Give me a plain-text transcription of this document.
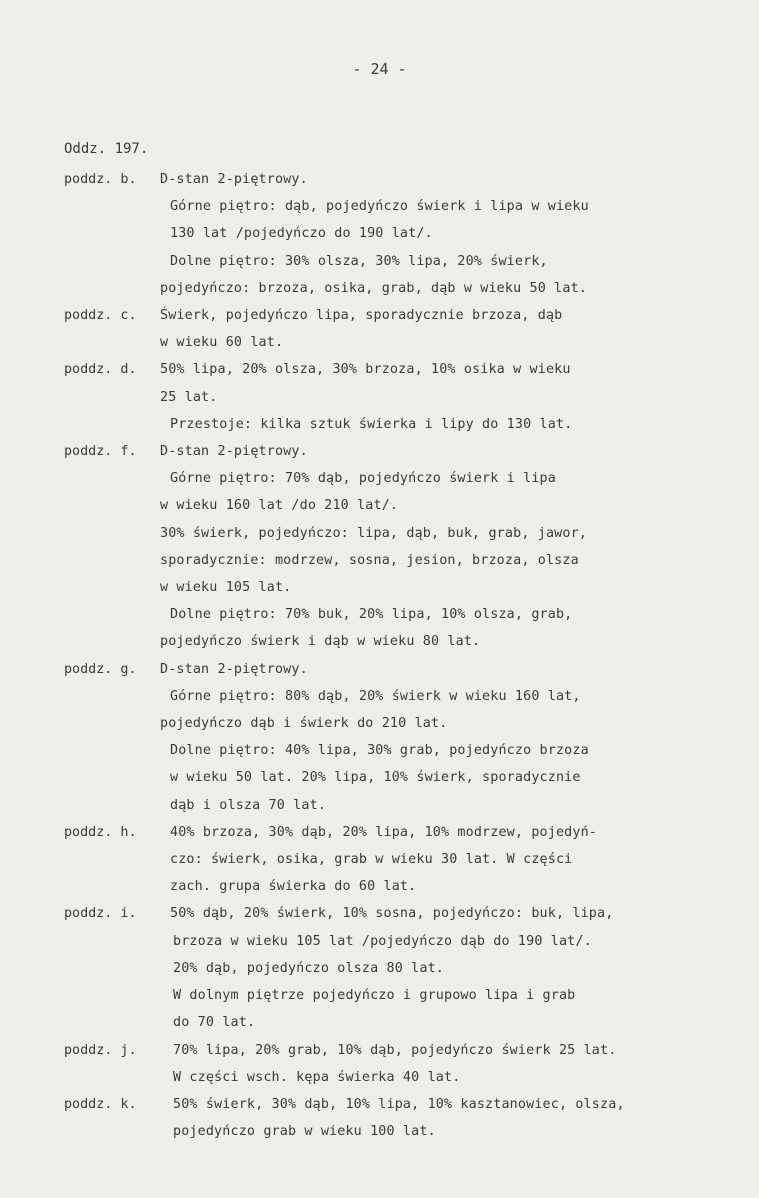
- 24 -
Oddz. 197.
poddz. b.	D-stan 2-piętrowy.
Górne piętro: dąb, pojedyńczo świerk i lipa w wieku
130 lat /pojedyńczo do 190 lat/.
Dolne piętro: 30% olsza, 30% lipa, 20% świerk,
pojedyńczo: brzoza, osika, grab, dąb w wieku 50 lat.
poddz. c.	Świerk, pojedyńczo lipa, sporadycznie brzoza, dąb
w wieku 60 lat.
poddz. d.	50% lipa, 20% olsza, 30% brzoza, 10% osika w wieku
25 lat.
Przestoje: kilka sztuk świerka i lipy do 130 lat.
poddz. f.	D-stan 2-piętrowy.
Górne piętro: 70% dąb, pojedyńczo świerk i lipa
w wieku 160 lat /do 210 lat/.
30% świerk, pojedyńczo: lipa, dąb, buk, grab, jawor,
sporadycznie: modrzew, sosna, jesion, brzoza, olsza
w wieku 105 lat.
Dolne piętro: 70% buk, 20% lipa, 10% olsza, grab,
pojedyńczo świerk i dąb w wieku 80 lat.
poddz. g.	D-stan 2-piętrowy.
Górne piętro: 80% dąb, 20% świerk w wieku 160 lat,
pojedyńczo dąb i świerk do 210 lat.
Dolne piętro: 40% lipa, 30% grab, pojedyńczo brzoza
w wieku 50 lat. 20% lipa, 10% świerk, sporadycznie
dąb i olsza 70 lat.
poddz. h.	40% brzoza, 30% dąb, 20% lipa, 10% modrzew, pojedyń-
czo: świerk, osika, grab w wieku 30 lat. W części
zach. grupa świerka do 60 lat.
poddz. i.	50% dąb, 20% świerk, 10% sosna, pojedyńczo: buk, lipa,
brzoza w wieku 105 lat /pojedyńczo dąb do 190 lat/.
20% dąb, pojedyńczo olsza 80 lat.
W dolnym piętrze pojedyńczo i grupowo lipa i grab
do 70 lat.
poddz. j.	70% lipa, 20% grab, 10% dąb, pojedyńczo świerk 25 lat.
W części wsch. kępa świerka 40 lat.
poddz. k.	50% świerk, 30% dąb, 10% lipa, 10% kasztanowiec, olsza,
pojedyńczo grab w wieku 100 lat.
